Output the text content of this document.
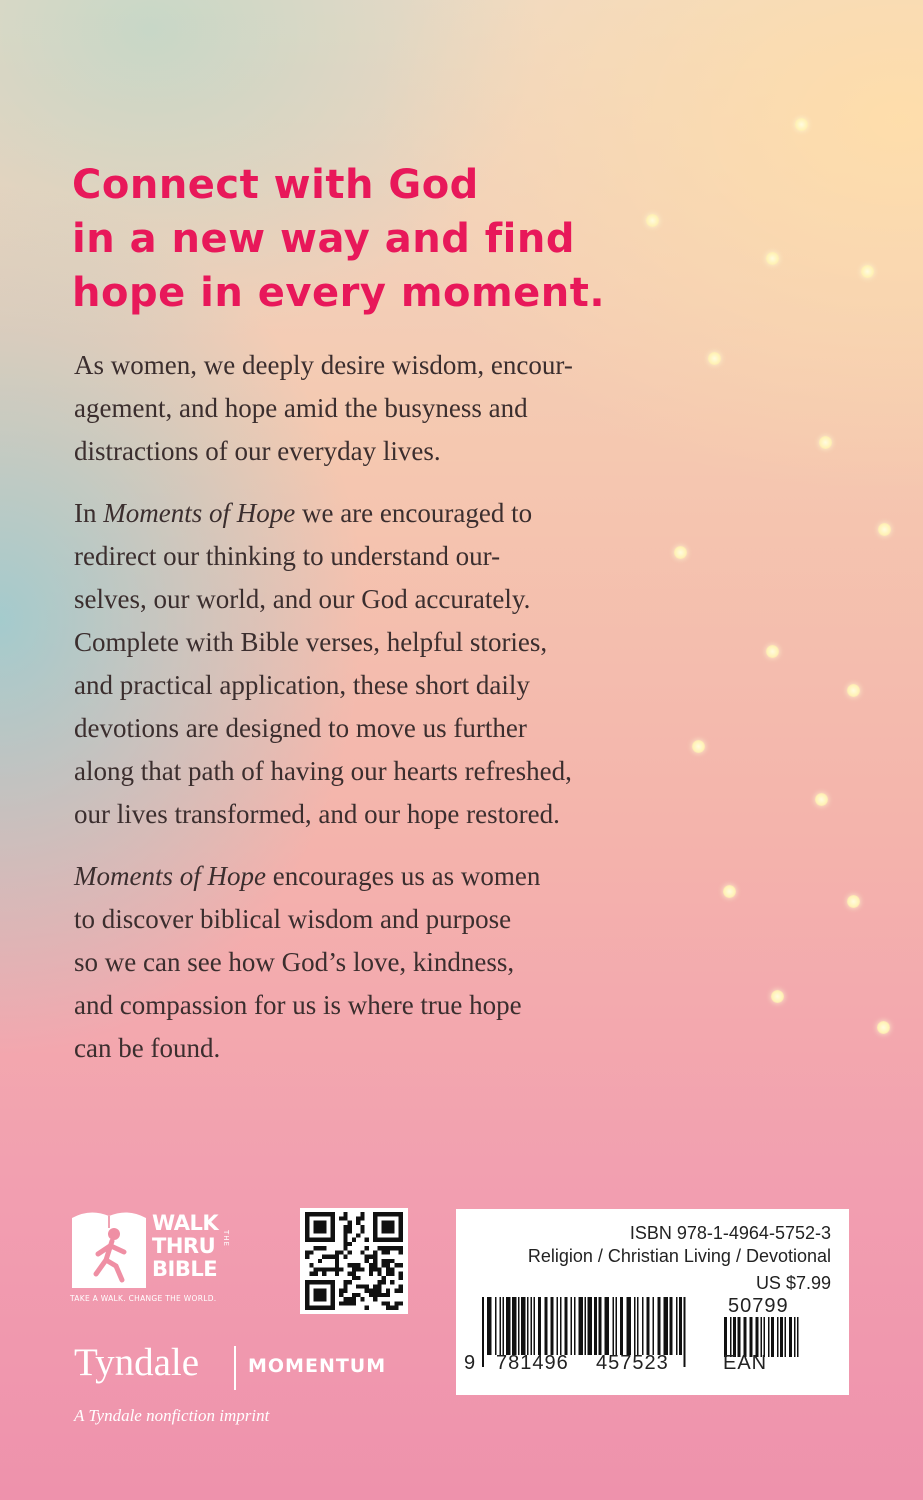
Connect with God
in a new way and find
hope in every moment.

As women, we deeply desire wisdom, encour-
agement, and hope amid the busyness and
distractions of our everyday lives.

In Moments of Hope we are encouraged to
redirect our thinking to understand our-
selves, our world, and our God accurately.
Complete with Bible verses, helpful stories,
and practical application, these short daily
devotions are designed to move us further
along that path of having our hearts refreshed,
our lives transformed, and our hope restored.

Moments of Hope encourages us as women
to discover biblical wisdom and purpose
so we can see how God’s love, kindness,
and compassion for us is where true hope
can be found.

WALK
THRU
BIBLE
THE
TAKE A WALK. CHANGE THE WORLD.
Tyndale	MOMENTUM
A Tyndale nonfiction imprint
ISBN 978-1-4964-5752-3
Religion / Christian Living / Devotional
US $7.99
9 781496 457523
50799
EAN
